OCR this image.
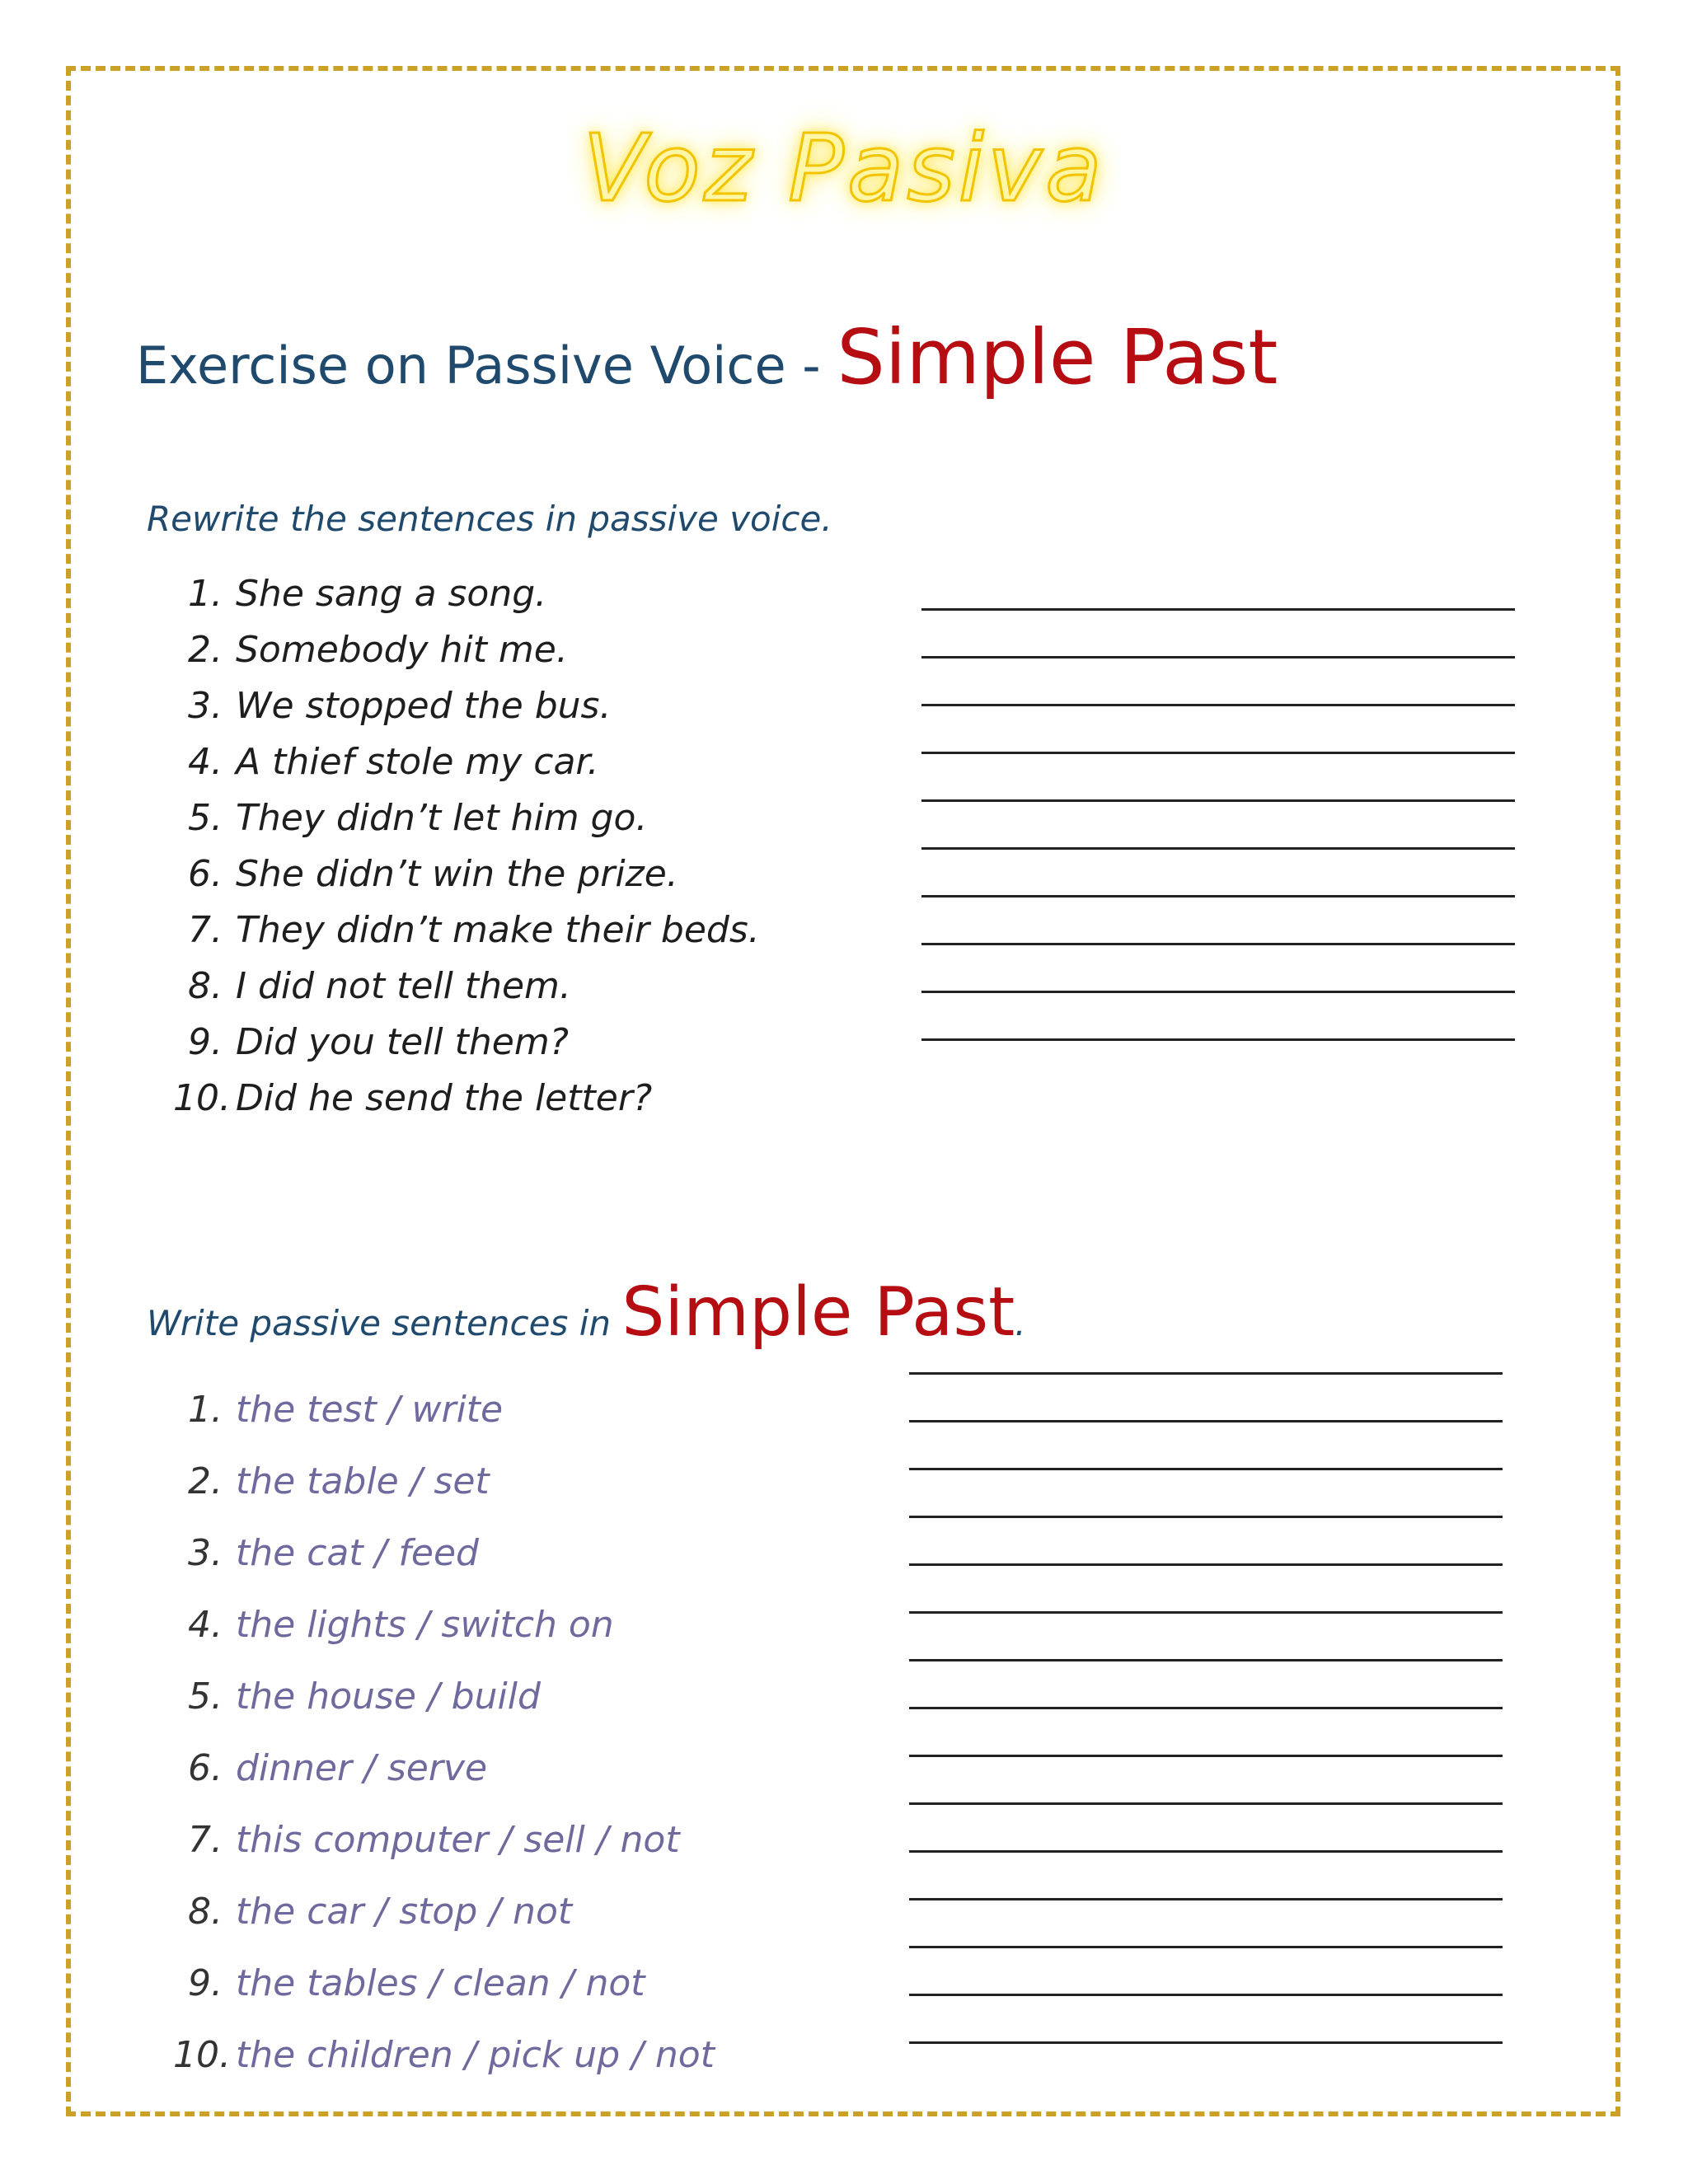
Voz Pasiva
Exercise on Passive Voice - Simple Past
Rewrite the sentences in passive voice.
1. She sang a song.
2. Somebody hit me.
3. We stopped the bus.
4. A thief stole my car.
5. They didn’t let him go.
6. She didn’t win the prize.
7. They didn’t make their beds.
8. I did not tell them.
9. Did you tell them?
10. Did he send the letter?
Write passive sentences in Simple Past.
1. the test / write
2. the table / set
3. the cat / feed
4. the lights / switch on
5. the house / build
6. dinner / serve
7. this computer / sell / not
8. the car / stop / not
9. the tables / clean / not
10. the children / pick up / not
